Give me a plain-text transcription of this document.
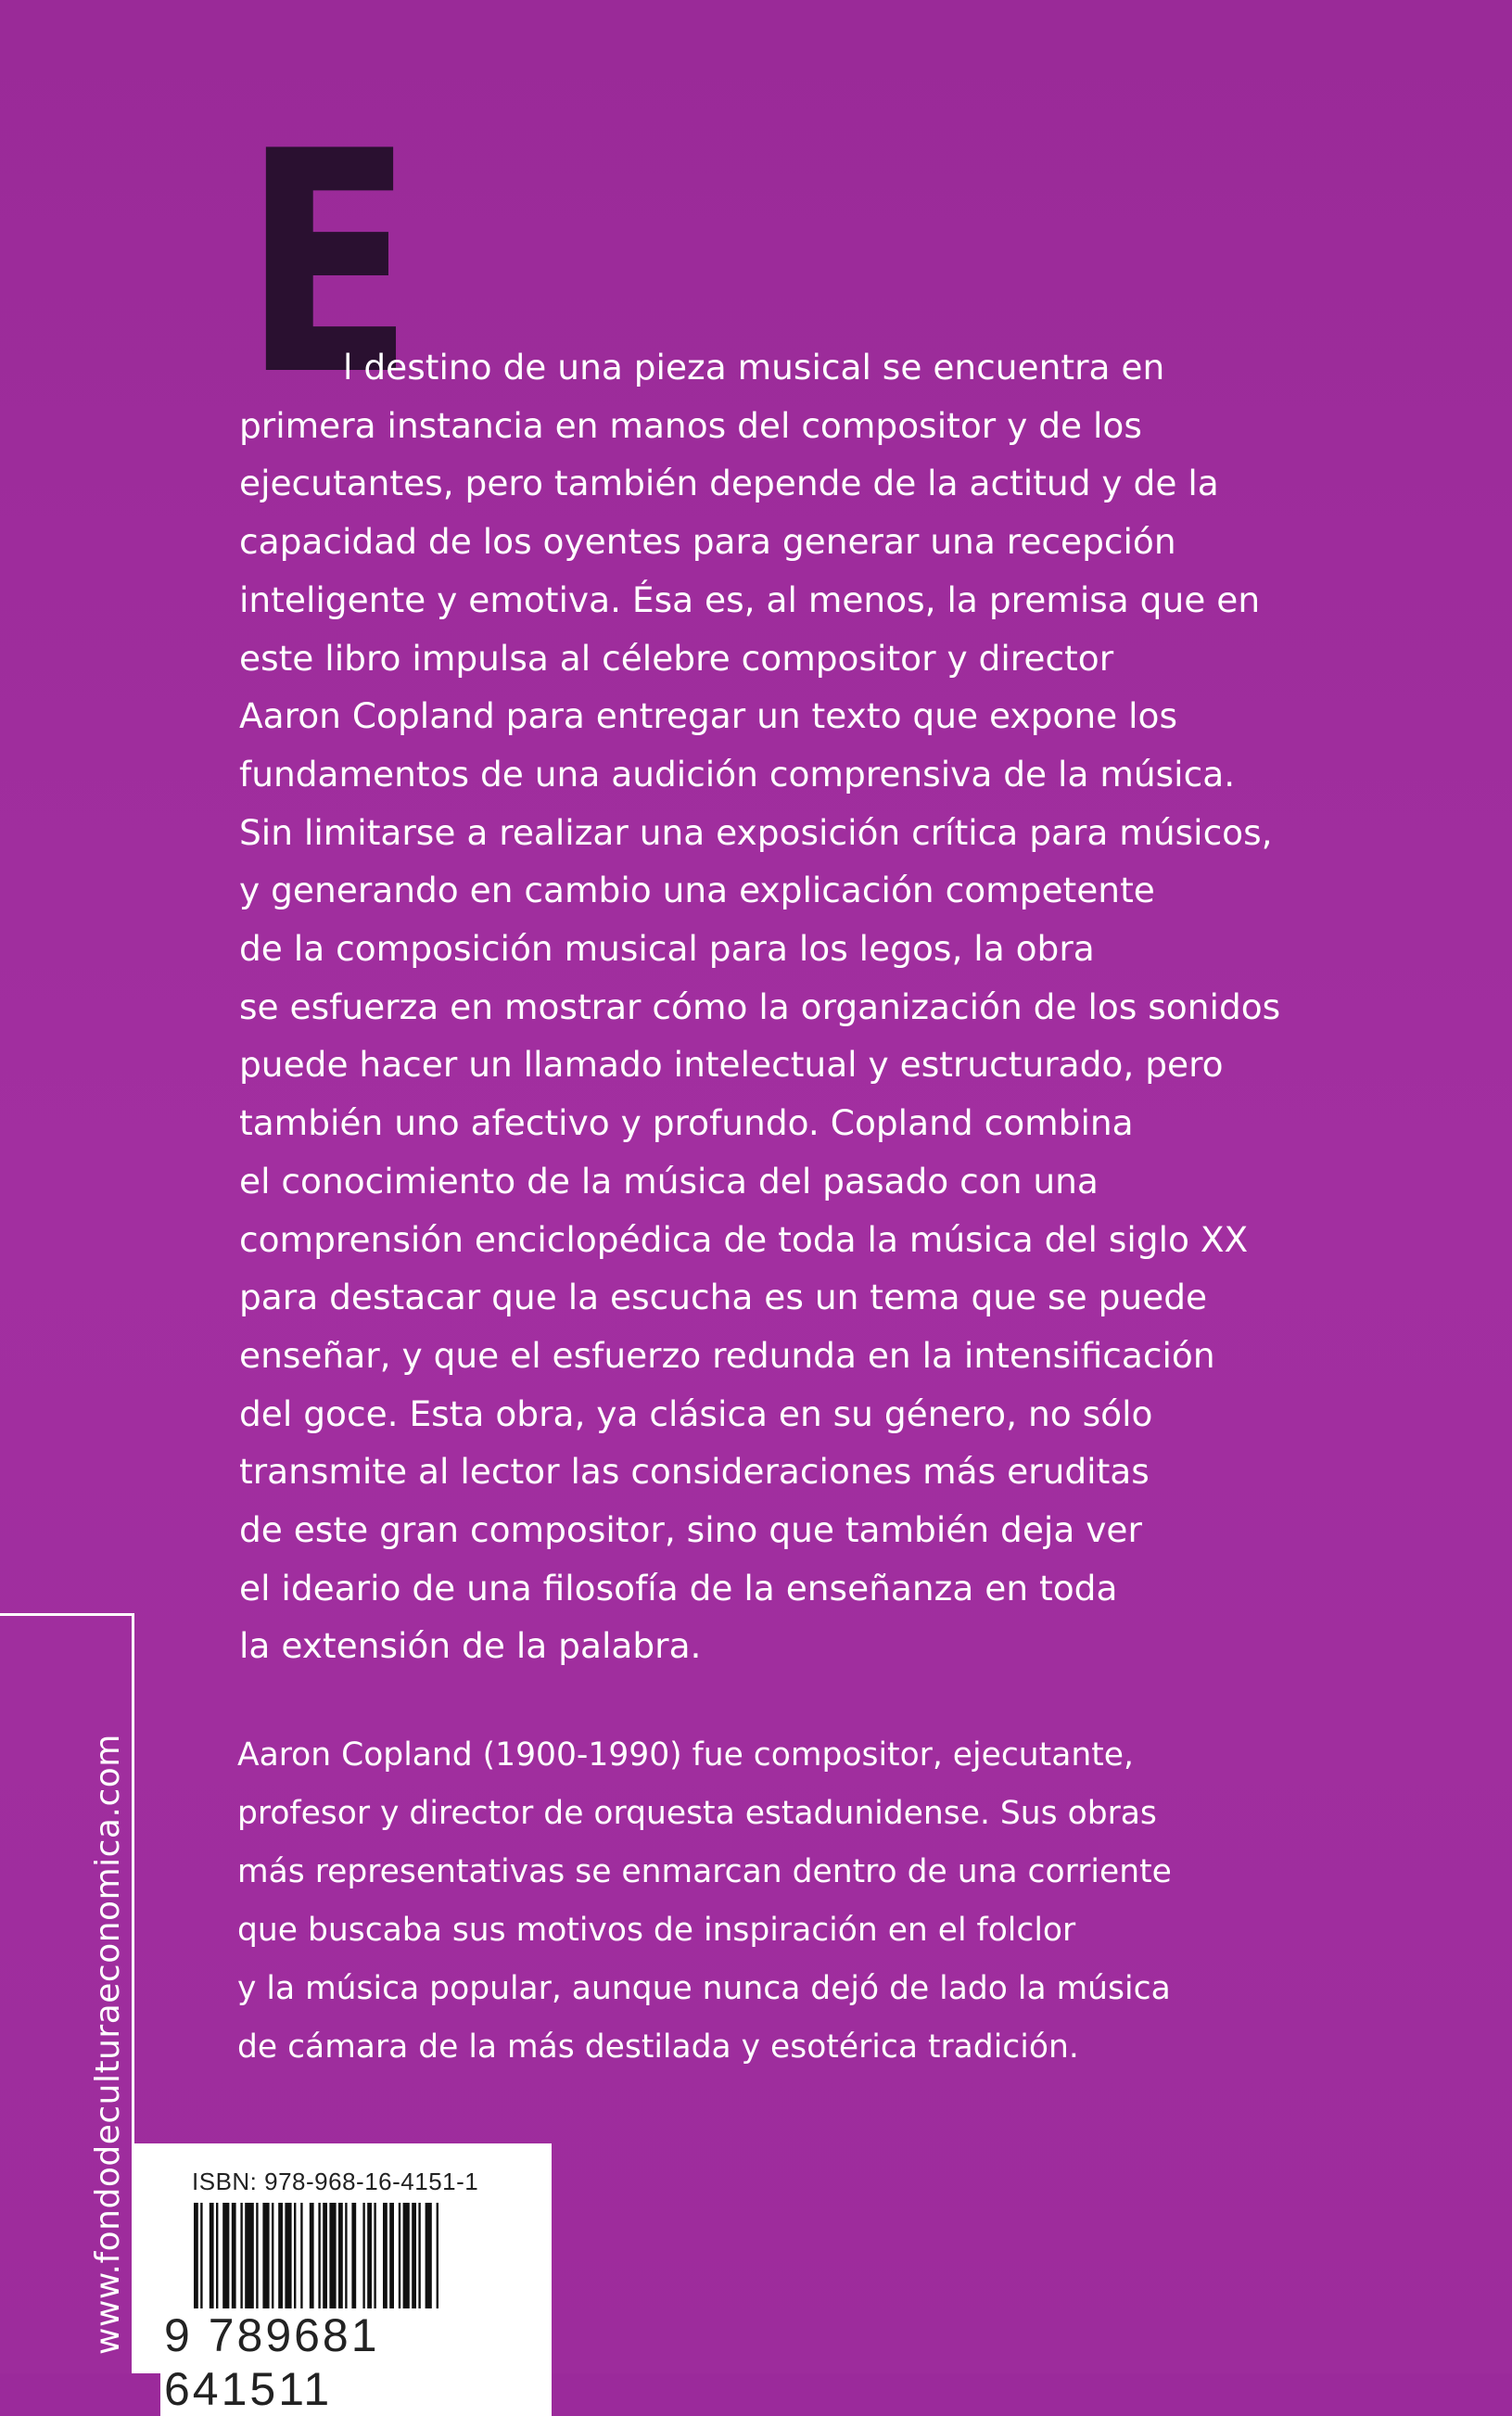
E

l destino de una pieza musical se encuentra en
primera instancia en manos del compositor y de los
ejecutantes, pero también depende de la actitud y de la
capacidad de los oyentes para generar una recepción
inteligente y emotiva. Ésa es, al menos, la premisa que en
este libro impulsa al célebre compositor y director
Aaron Copland para entregar un texto que expone los
fundamentos de una audición comprensiva de la música.
Sin limitarse a realizar una exposición crítica para músicos,
y generando en cambio una explicación competente
de la composición musical para los legos, la obra
se esfuerza en mostrar cómo la organización de los sonidos
puede hacer un llamado intelectual y estructurado, pero
también uno afectivo y profundo. Copland combina
el conocimiento de la música del pasado con una
comprensión enciclopédica de toda la música del siglo XX
para destacar que la escucha es un tema que se puede
enseñar, y que el esfuerzo redunda en la intensificación
del goce. Esta obra, ya clásica en su género, no sólo
transmite al lector las consideraciones más eruditas
de este gran compositor, sino que también deja ver
el ideario de una filosofía de la enseñanza en toda
la extensión de la palabra.

Aaron Copland (1900-1990) fue compositor, ejecutante,
profesor y director de orquesta estadunidense. Sus obras
más representativas se enmarcan dentro de una corriente
que buscaba sus motivos de inspiración en el folclor
y la música popular, aunque nunca dejó de lado la música
de cámara de la más destilada y esotérica tradición.

www.fondodeculturaeconomica.com	ISBN: 978-968-16-4151-1

9 789681 641511
